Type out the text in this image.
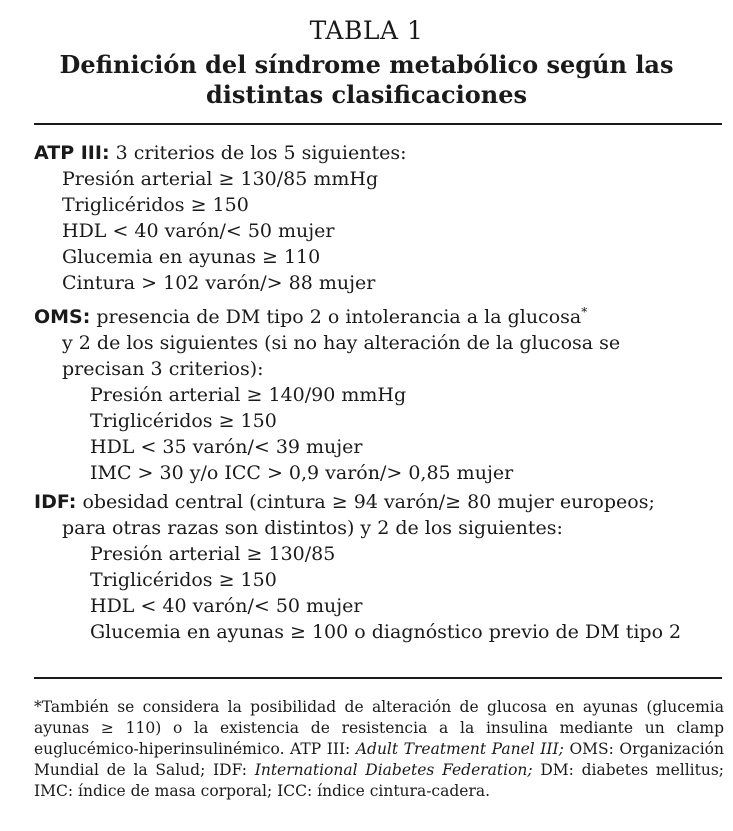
TABLA 1
Definición del síndrome metabólico según las distintas clasificaciones
ATP III: 3 criterios de los 5 siguientes:
Presión arterial ≥ 130/85 mmHg
Triglicéridos ≥ 150
HDL < 40 varón/< 50 mujer
Glucemia en ayunas ≥ 110
Cintura > 102 varón/> 88 mujer
OMS: presencia de DM tipo 2 o intolerancia a la glucosa*
y 2 de los siguientes (si no hay alteración de la glucosa se
precisan 3 criterios):
Presión arterial ≥ 140/90 mmHg
Triglicéridos ≥ 150
HDL < 35 varón/< 39 mujer
IMC > 30 y/o ICC > 0,9 varón/> 0,85 mujer
IDF: obesidad central (cintura ≥ 94 varón/≥ 80 mujer europeos;
para otras razas son distintos) y 2 de los siguientes:
Presión arterial ≥ 130/85
Triglicéridos ≥ 150
HDL < 40 varón/< 50 mujer
Glucemia en ayunas ≥ 100 o diagnóstico previo de DM tipo 2
*También se considera la posibilidad de alteración de glucosa en ayunas (glucemia ayunas ≥ 110) o la existencia de resistencia a la insulina mediante un clamp euglucémico-hiperinsulinémico. ATP III: Adult Treatment Panel III; OMS: Organización Mundial de la Salud; IDF: International Diabetes Federation; DM: diabetes mellitus; IMC: índice de masa corporal; ICC: índice cintura-cadera.
